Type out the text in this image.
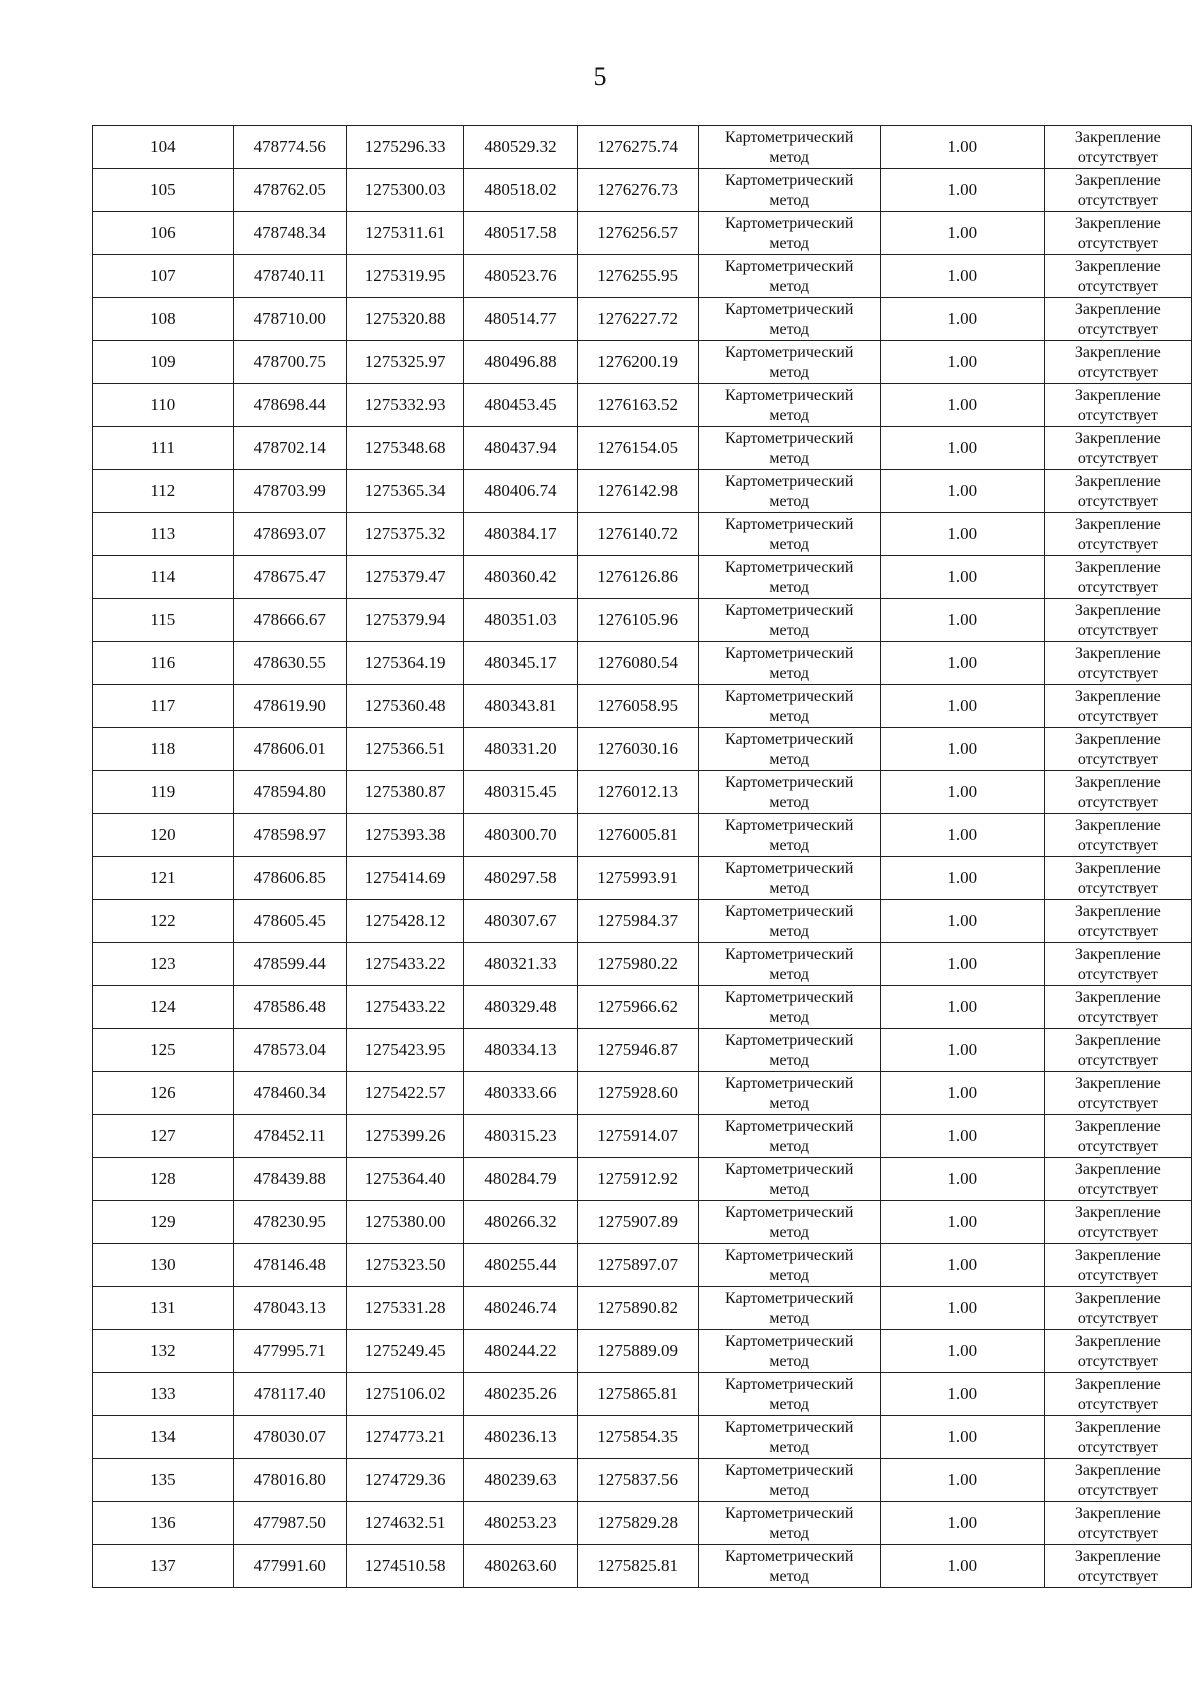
5
104	478774.56	1275296.33	480529.32	1276275.74	Картометрический
метод	1.00	Закрепление
отсутствует

105	478762.05	1275300.03	480518.02	1276276.73	Картометрический
метод	1.00	Закрепление
отсутствует

106	478748.34	1275311.61	480517.58	1276256.57	Картометрический
метод	1.00	Закрепление
отсутствует

107	478740.11	1275319.95	480523.76	1276255.95	Картометрический
метод	1.00	Закрепление
отсутствует

108	478710.00	1275320.88	480514.77	1276227.72	Картометрический
метод	1.00	Закрепление
отсутствует

109	478700.75	1275325.97	480496.88	1276200.19	Картометрический
метод	1.00	Закрепление
отсутствует

110	478698.44	1275332.93	480453.45	1276163.52	Картометрический
метод	1.00	Закрепление
отсутствует

111	478702.14	1275348.68	480437.94	1276154.05	Картометрический
метод	1.00	Закрепление
отсутствует

112	478703.99	1275365.34	480406.74	1276142.98	Картометрический
метод	1.00	Закрепление
отсутствует

113	478693.07	1275375.32	480384.17	1276140.72	Картометрический
метод	1.00	Закрепление
отсутствует

114	478675.47	1275379.47	480360.42	1276126.86	Картометрический
метод	1.00	Закрепление
отсутствует

115	478666.67	1275379.94	480351.03	1276105.96	Картометрический
метод	1.00	Закрепление
отсутствует

116	478630.55	1275364.19	480345.17	1276080.54	Картометрический
метод	1.00	Закрепление
отсутствует

117	478619.90	1275360.48	480343.81	1276058.95	Картометрический
метод	1.00	Закрепление
отсутствует

118	478606.01	1275366.51	480331.20	1276030.16	Картометрический
метод	1.00	Закрепление
отсутствует

119	478594.80	1275380.87	480315.45	1276012.13	Картометрический
метод	1.00	Закрепление
отсутствует

120	478598.97	1275393.38	480300.70	1276005.81	Картометрический
метод	1.00	Закрепление
отсутствует

121	478606.85	1275414.69	480297.58	1275993.91	Картометрический
метод	1.00	Закрепление
отсутствует

122	478605.45	1275428.12	480307.67	1275984.37	Картометрический
метод	1.00	Закрепление
отсутствует

123	478599.44	1275433.22	480321.33	1275980.22	Картометрический
метод	1.00	Закрепление
отсутствует

124	478586.48	1275433.22	480329.48	1275966.62	Картометрический
метод	1.00	Закрепление
отсутствует

125	478573.04	1275423.95	480334.13	1275946.87	Картометрический
метод	1.00	Закрепление
отсутствует

126	478460.34	1275422.57	480333.66	1275928.60	Картометрический
метод	1.00	Закрепление
отсутствует

127	478452.11	1275399.26	480315.23	1275914.07	Картометрический
метод	1.00	Закрепление
отсутствует

128	478439.88	1275364.40	480284.79	1275912.92	Картометрический
метод	1.00	Закрепление
отсутствует

129	478230.95	1275380.00	480266.32	1275907.89	Картометрический
метод	1.00	Закрепление
отсутствует

130	478146.48	1275323.50	480255.44	1275897.07	Картометрический
метод	1.00	Закрепление
отсутствует

131	478043.13	1275331.28	480246.74	1275890.82	Картометрический
метод	1.00	Закрепление
отсутствует

132	477995.71	1275249.45	480244.22	1275889.09	Картометрический
метод	1.00	Закрепление
отсутствует

133	478117.40	1275106.02	480235.26	1275865.81	Картометрический
метод	1.00	Закрепление
отсутствует

134	478030.07	1274773.21	480236.13	1275854.35	Картометрический
метод	1.00	Закрепление
отсутствует

135	478016.80	1274729.36	480239.63	1275837.56	Картометрический
метод	1.00	Закрепление
отсутствует

136	477987.50	1274632.51	480253.23	1275829.28	Картометрический
метод	1.00	Закрепление
отсутствует

137	477991.60	1274510.58	480263.60	1275825.81	Картометрический
метод	1.00	Закрепление
отсутствует
